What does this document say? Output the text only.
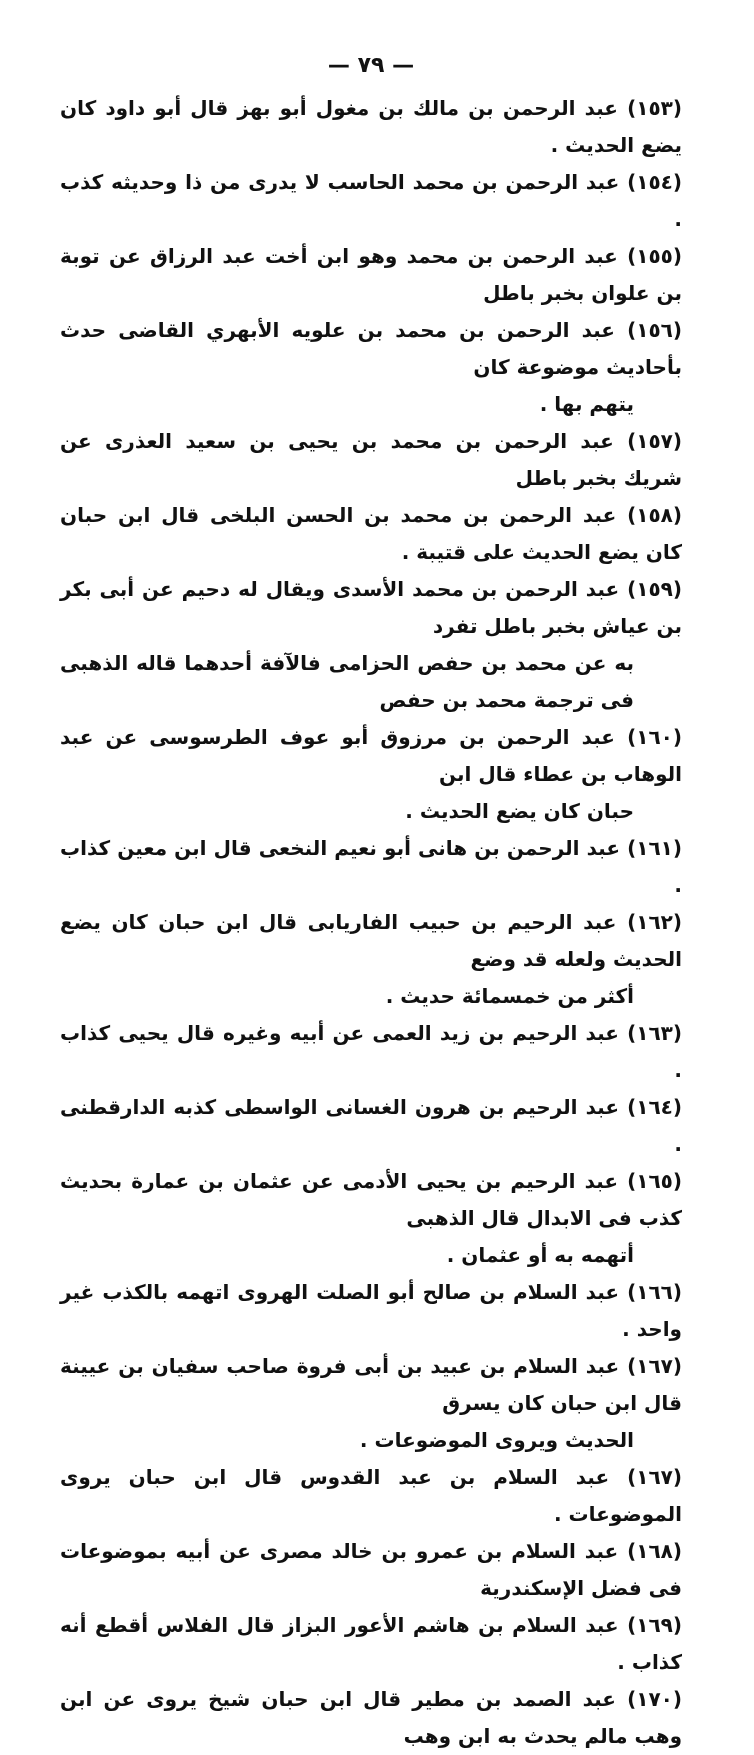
— ٧٩ —
(١٥٣) عبد الرحمن بن مالك بن مغول أبو بهز قال أبو داود كان يضع الحديث .
(١٥٤) عبد الرحمن بن محمد الحاسب لا يدرى من ذا وحديثه كذب .
(١٥٥) عبد الرحمن بن محمد وهو ابن أخت عبد الرزاق عن توبة بن علوان بخبر باطل
(١٥٦) عبد الرحمن بن محمد بن علويه الأبهري القاضى حدث بأحاديث موضوعة كان
يتهم بها .
(١٥٧) عبد الرحمن بن محمد بن يحيى بن سعيد العذرى عن شريك بخبر باطل
(١٥٨) عبد الرحمن بن محمد بن الحسن البلخى قال ابن حبان كان يضع الحديث على قتيبة .
(١٥٩) عبد الرحمن بن محمد الأسدى ويقال له دحيم عن أبى بكر بن عياش بخبر باطل تفرد
به عن محمد بن حفص الحزامى فالآفة أحدهما قاله الذهبى فى ترجمة محمد بن حفص
(١٦٠) عبد الرحمن بن مرزوق أبو عوف الطرسوسى عن عبد الوهاب بن عطاء قال ابن
حبان كان يضع الحديث .
(١٦١) عبد الرحمن بن هانى أبو نعيم النخعى قال ابن معين كذاب .
(١٦٢) عبد الرحيم بن حبيب الفاريابى قال ابن حبان كان يضع الحديث ولعله قد وضع
أكثر من خمسمائة حديث .
(١٦٣) عبد الرحيم بن زيد العمى عن أبيه وغيره قال يحيى كذاب .
(١٦٤) عبد الرحيم بن هرون الغسانى الواسطى كذبه الدارقطنى .
(١٦٥) عبد الرحيم بن يحيى الأدمى عن عثمان بن عمارة بحديث كذب فى الابدال قال الذهبى
أتهمه به أو عثمان .
(١٦٦) عبد السلام بن صالح أبو الصلت الهروى اتهمه بالكذب غير واحد .
(١٦٧) عبد السلام بن عبيد بن أبى فروة صاحب سفيان بن عيينة قال ابن حبان كان يسرق
الحديث ويروى الموضوعات .
(١٦٧) عبد السلام بن عبد القدوس قال ابن حبان يروى الموضوعات .
(١٦٨) عبد السلام بن عمرو بن خالد مصرى عن أبيه بموضوعات فى فضل الإسكندرية
(١٦٩) عبد السلام بن هاشم الأعور البزاز قال الفلاس أقطع أنه كذاب .
(١٧٠) عبد الصمد بن مطير قال ابن حبان شيخ يروى عن ابن وهب مالم يحدث به ابن وهب
